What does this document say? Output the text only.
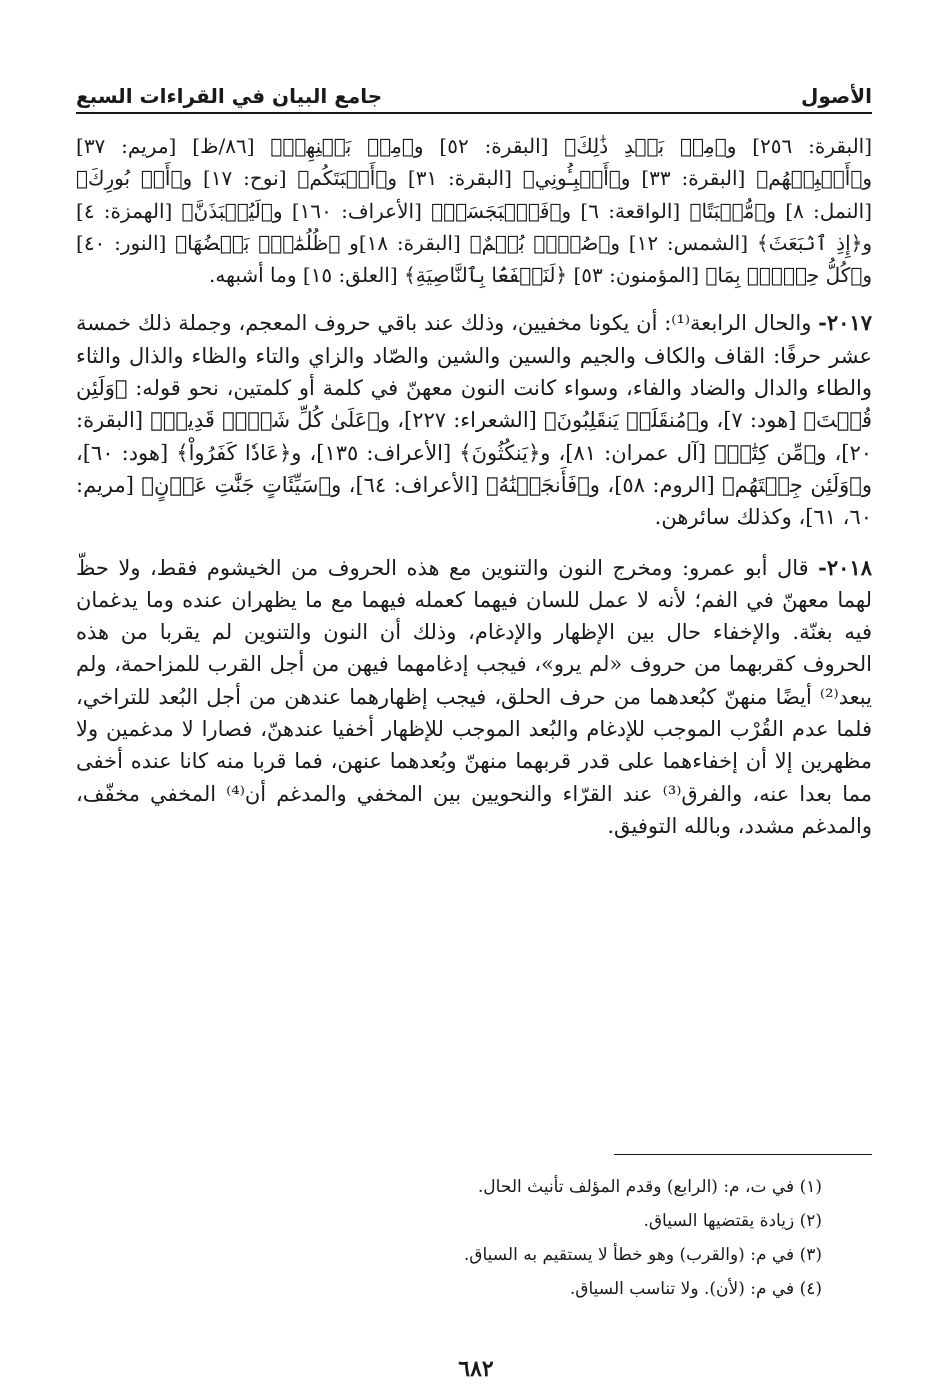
الأصول
جامع البيان في القراءات السبع

[البقرة: ٢٥٦] و﴿مِنۢ بَعۡدِ ذَٰلِكَ﴾ [البقرة: ٥٢] و﴿مِنۢ بَيۡنِهِمۡ﴾ [٨٦/ظ] [مريم: ٣٧] و﴿أَنۢبِئۡهُم﴾ [البقرة: ٣٣] و﴿أَنۢبِـُٔونِي﴾ [البقرة: ٣١] و﴿أَنۢبَتَكُم﴾ [نوح: ١٧] و﴿أَنۢ بُورِكَ﴾ [النمل: ٨] و﴿مُّنۢبَتًا﴾ [الواقعة: ٦] و﴿فَٱنۢبَجَسَتۡ﴾ [الأعراف: ١٦٠] و﴿لَيُنۢبَذَنَّ﴾ [الهمزة: ٤] و﴿إِذِ ٱنۢبَعَثَ﴾ [الشمس: ١٢] و﴿صُمُّۢ بُكۡمٌ﴾ [البقرة: ١٨]و ﴿ظُلُمَٰتُۢ بَعۡضُهَا﴾ [النور: ٤٠] و﴿كُلُّ حِزۡبِۢ بِمَا﴾ [المؤمنون: ٥٣] ﴿لَنَسۡفَعَۢا بِٱلنَّاصِيَةِ﴾ [العلق: ١٥] وما أشبهه.

٢٠١٧- والحال الرابعة⁽¹⁾: أن يكونا مخفيين، وذلك عند باقي حروف المعجم، وجملة ذلك خمسة عشر حرفًا: القاف والكاف والجيم والسين والشين والصّاد والزاي والتاء والظاء والذال والثاء والطاء والدال والضاد والفاء، وسواء كانت النون معهنّ في كلمة أو كلمتين، نحو قوله: ﴿وَلَئِن قُلۡتَ﴾ [هود: ٧]، و﴿مُنقَلَبٖ يَنقَلِبُونَ﴾ [الشعراء: ٢٢٧]، و﴿عَلَىٰ كُلِّ شَيۡءٖ قَدِيرٞ﴾ [البقرة: ٢٠]، و﴿مِّن كِتَٰبٖ﴾ [آل عمران: ٨١]، و﴿يَنكُثُونَ﴾ [الأعراف: ١٣٥]، و﴿عَادٗا كَفَرُواْ﴾ [هود: ٦٠]، و﴿وَلَئِن جِئۡتَهُم﴾ [الروم: ٥٨]، و﴿فَأَنجَيۡنَٰهُ﴾ [الأعراف: ٦٤]، و﴿سَيِّئَاتٍ جَنَّٰتِ عَدۡنٍ﴾ [مريم: ٦٠، ٦١]، وكذلك سائرهن.

٢٠١٨- قال أبو عمرو: ومخرج النون والتنوين مع هذه الحروف من الخيشوم فقط، ولا حظّ لهما معهنّ في الفم؛ لأنه لا عمل للسان فيهما كعمله فيهما مع ما يظهران عنده وما يدغمان فيه بغنّة. والإخفاء حال بين الإظهار والإدغام، وذلك أن النون والتنوين لم يقربا من هذه الحروف كقربهما من حروف «لم يرو»، فيجب إدغامهما فيهن من أجل القرب للمزاحمة، ولم يبعد⁽²⁾ أيضًا منهنّ كبُعدهما من حرف الحلق، فيجب إظهارهما عندهن من أجل البُعد للتراخي، فلما عدم القُرْب الموجب للإدغام والبُعد الموجب للإظهار أخفيا عندهنّ، فصارا لا مدغمين ولا مظهرين إلا أن إخفاءهما على قدر قربهما منهنّ وبُعدهما عنهن، فما قربا منه كانا عنده أخفى مما بعدا عنه، والفرق⁽³⁾ عند القرّاء والنحويين بين المخفي والمدغم أن⁽⁴⁾ المخفي مخفّف، والمدغم مشدد، وبالله التوفيق.

(١) في ت، م: (الرابع) وقدم المؤلف تأنيث الحال.
(٢) زيادة يقتضيها السياق.
(٣) في م: (والقرب) وهو خطأ لا يستقيم به السياق.
(٤) في م: (لأن). ولا تناسب السياق.
٦٨٢
